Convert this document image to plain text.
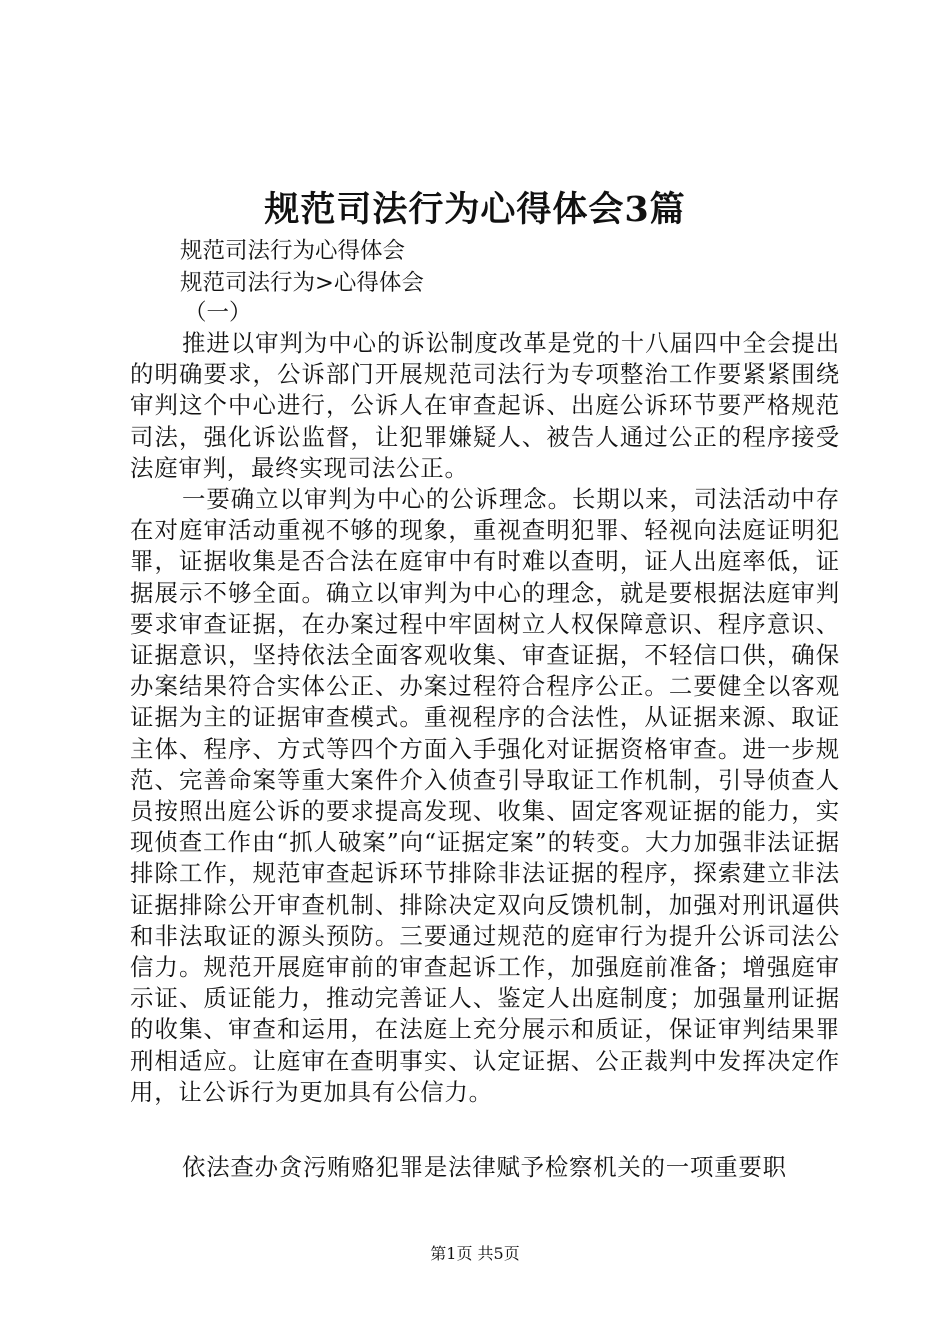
规范司法行为心得体会3篇

规范司法行为心得体会

规范司法行为>心得体会

（一）

推进以审判为中心的诉讼制度改革是党的十八届四中全会提出的明确要求，公诉部门开展规范司法行为专项整治工作要紧紧围绕审判这个中心进行，公诉人在审查起诉、出庭公诉环节要严格规范司法，强化诉讼监督，让犯罪嫌疑人、被告人通过公正的程序接受法庭审判，最终实现司法公正。

一要确立以审判为中心的公诉理念。长期以来，司法活动中存在对庭审活动重视不够的现象，重视查明犯罪、轻视向法庭证明犯罪，证据收集是否合法在庭审中有时难以查明，证人出庭率低，证据展示不够全面。确立以审判为中心的理念，就是要根据法庭审判要求审查证据，在办案过程中牢固树立人权保障意识、程序意识、证据意识，坚持依法全面客观收集、审查证据，不轻信口供，确保办案结果符合实体公正、办案过程符合程序公正。二要健全以客观证据为主的证据审查模式。重视程序的合法性，从证据来源、取证主体、程序、方式等四个方面入手强化对证据资格审查。进一步规范、完善命案等重大案件介入侦查引导取证工作机制，引导侦查人员按照出庭公诉的要求提高发现、收集、固定客观证据的能力，实现侦查工作由“抓人破案”向“证据定案”的转变。大力加强非法证据排除工作，规范审查起诉环节排除非法证据的程序，探索建立非法证据排除公开审查机制、排除决定双向反馈机制，加强对刑讯逼供和非法取证的源头预防。三要通过规范的庭审行为提升公诉司法公信力。规范开展庭审前的审查起诉工作，加强庭前准备；增强庭审示证、质证能力，推动完善证人、鉴定人出庭制度；加强量刑证据的收集、审查和运用，在法庭上充分展示和质证，保证审判结果罪刑相适应。让庭审在查明事实、认定证据、公正裁判中发挥决定作用，让公诉行为更加具有公信力。

依法查办贪污贿赂犯罪是法律赋予检察机关的一项重要职

第1页 共5页
